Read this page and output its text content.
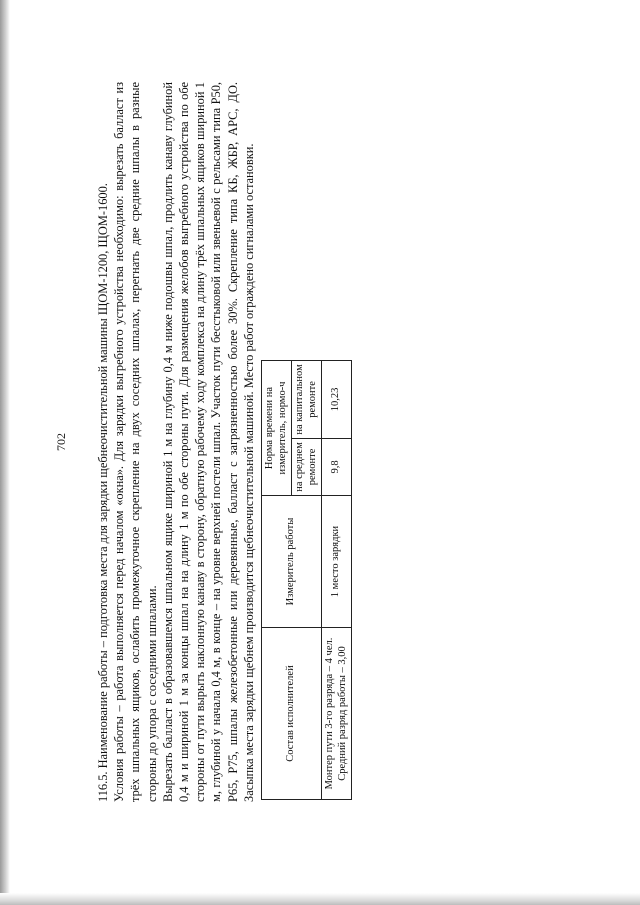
702 116.5. Наименование работы – подготовка места для зарядки щебнеочистительной машины ЩОМ-1200, ЩОМ-1600. Условия работы – работа выполняется перед началом «окна». Для зарядки выгребного устройства необходимо: вырезать балласт из трёх шпальных ящиков, ослабить промежуточное скрепление на двух соседних шпалах, перегнать две средние шпалы в разные стороны до упора с соседними шпалами. Вырезать балласт в образовавшемся шпальном ящике шириной 1 м на глубину 0,4 м ниже подошвы шпал, продлить канаву глубиной 0,4 м и шириной 1 м за концы шпал на на длину 1 м по обе стороны пути. Для размещения желобов выгребного устройства по обе стороны от пути вырыть наклонную канаву в сторону, обратную рабочему ходу комплекса на длину трёх шпальных ящиков шириной 1 м, глубиной у начала 0,4 м, в конце – на уровне верхней постели шпал. Участок пути бесстыковой или звеньевой с рельсами типа Р50, Р65, Р75, шпалы железобетонные или деревянные, балласт с загрязненностью более 30%. Скрепление типа КБ, ЖБР, АРС, ДО. Засыпка места зарядки щебнем производится щебнеочистительной машиной. Место работ ограждено сигналами остановки.	Состав исполнителей	Измеритель работы	Норма времени на измеритель, нормо-ч	
		на среднем ремонте	на капитальном ремонте

Монтер пути 3-го разряда – 4 чел. Средний разряд работы – 3,00	1 место зарядки	9,8	10,23
